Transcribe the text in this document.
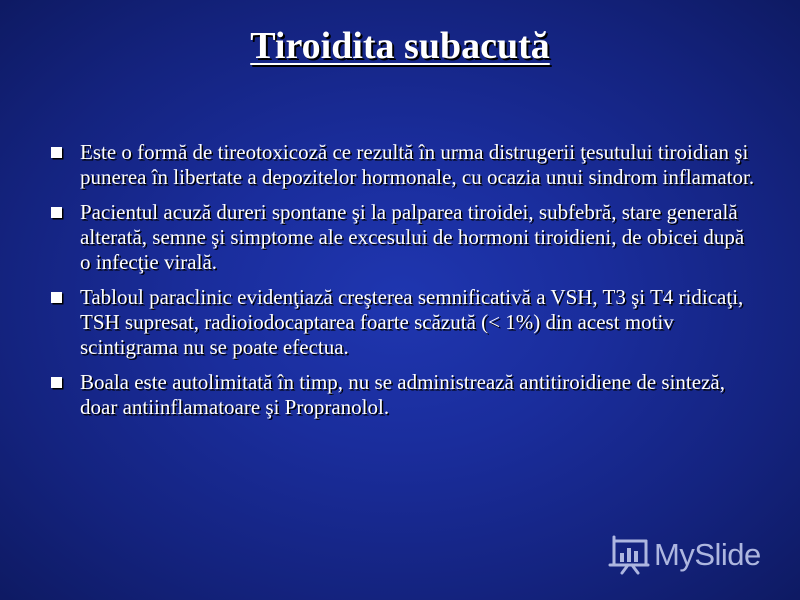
Tiroidita subacută
Este o formă de tireotoxicoză ce rezultă în urma distrugerii ţesutului tiroidian şi punerea în libertate a depozitelor hormonale, cu ocazia unui sindrom inflamator.
Pacientul acuză dureri spontane şi la palparea tiroidei, subfebră, stare generală alterată, semne şi simptome ale excesului de hormoni tiroidieni, de obicei după o infecţie virală.
Tabloul paraclinic evidenţiază creşterea semnificativă a VSH, T3 şi T4 ridicaţi, TSH supresat, radioiodocaptarea foarte scăzută (< 1%) din acest motiv scintigrama nu se poate efectua.
Boala este autolimitată în timp, nu se administrează antitiroidiene de sinteză, doar antiinflamatoare şi Propranolol.
MySlide
